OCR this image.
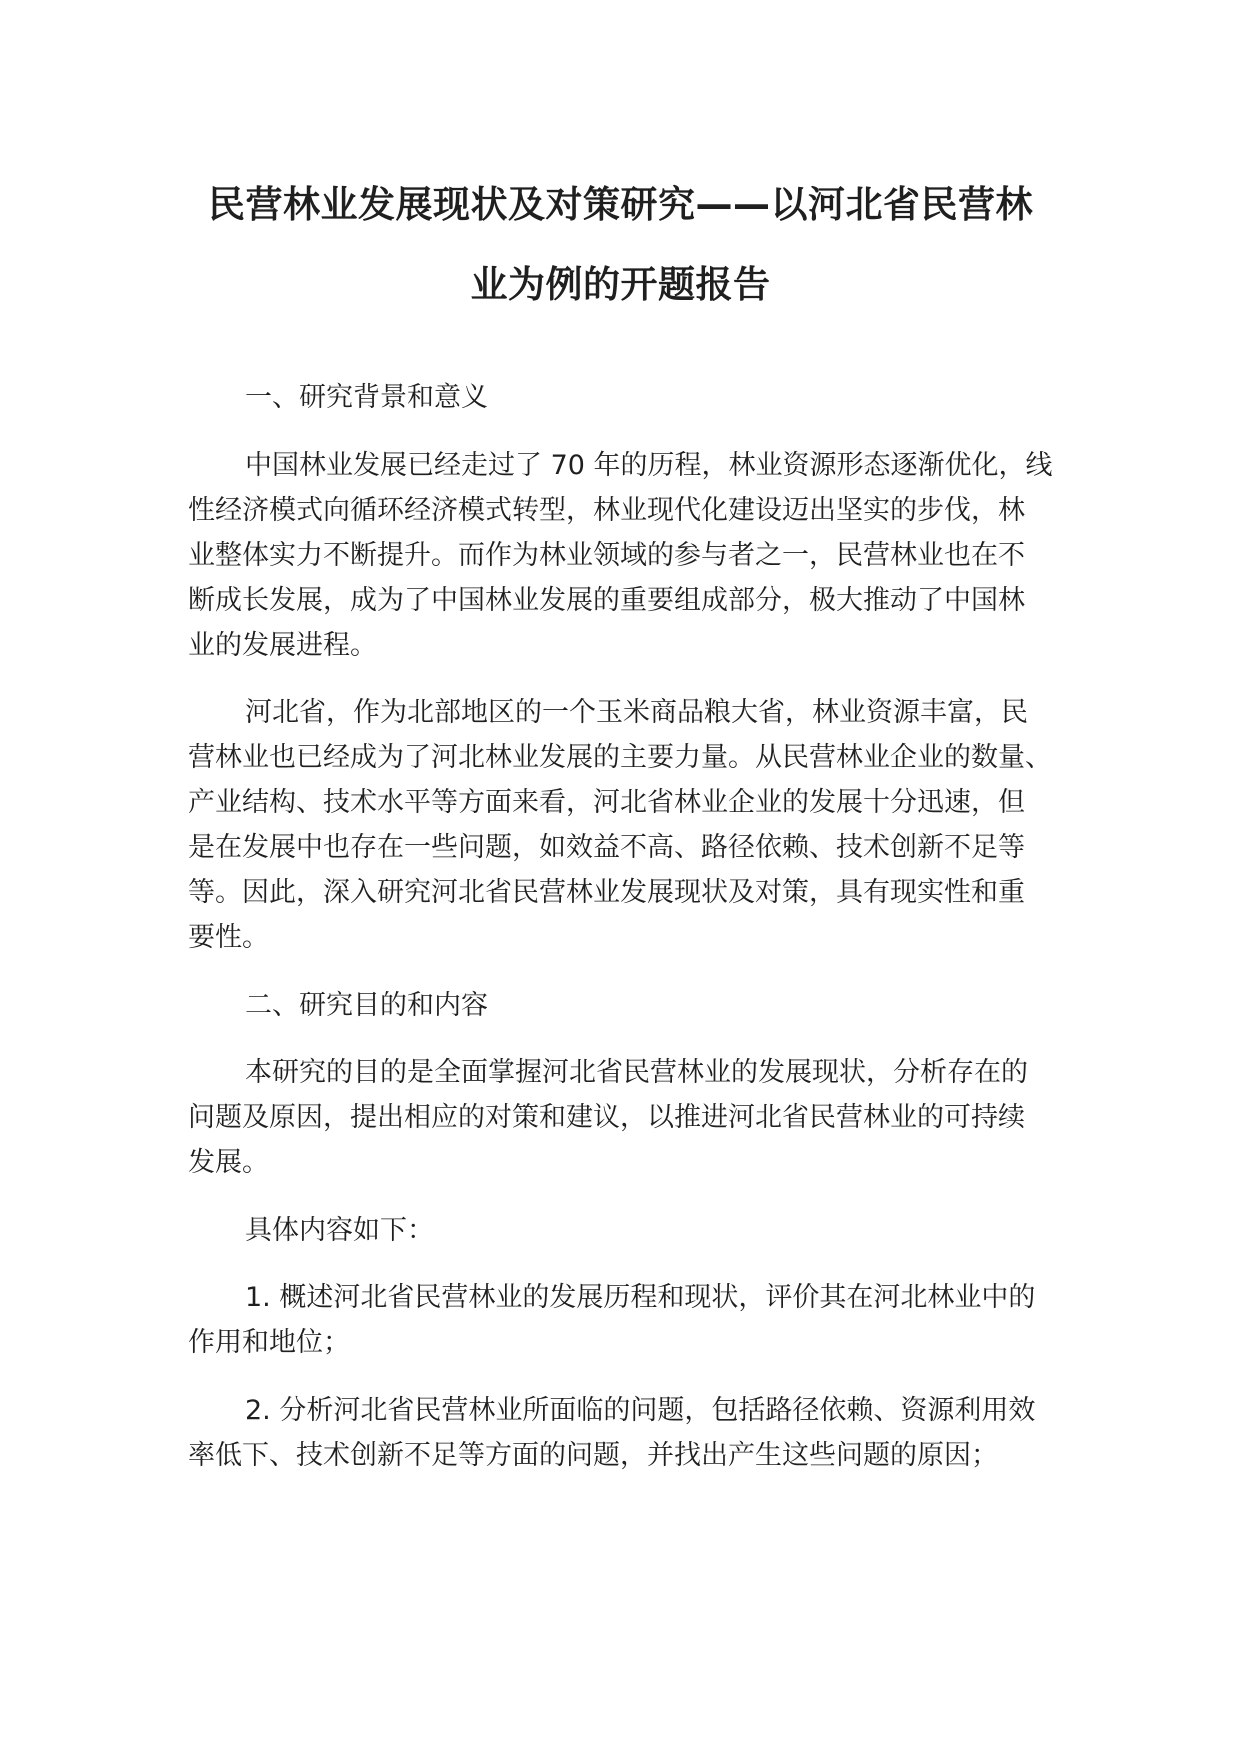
民营林业发展现状及对策研究——以河北省民营林
业为例的开题报告
一、研究背景和意义
中国林业发展已经走过了 70 年的历程，林业资源形态逐渐优化，线
性经济模式向循环经济模式转型，林业现代化建设迈出坚实的步伐，林
业整体实力不断提升。而作为林业领域的参与者之一，民营林业也在不
断成长发展，成为了中国林业发展的重要组成部分，极大推动了中国林
业的发展进程。
河北省，作为北部地区的一个玉米商品粮大省，林业资源丰富，民
营林业也已经成为了河北林业发展的主要力量。从民营林业企业的数量、
产业结构、技术水平等方面来看，河北省林业企业的发展十分迅速，但
是在发展中也存在一些问题，如效益不高、路径依赖、技术创新不足等
等。因此，深入研究河北省民营林业发展现状及对策，具有现实性和重
要性。
二、研究目的和内容
本研究的目的是全面掌握河北省民营林业的发展现状，分析存在的
问题及原因，提出相应的对策和建议，以推进河北省民营林业的可持续
发展。
具体内容如下：
1. 概述河北省民营林业的发展历程和现状，评价其在河北林业中的
作用和地位；
2. 分析河北省民营林业所面临的问题，包括路径依赖、资源利用效
率低下、技术创新不足等方面的问题，并找出产生这些问题的原因；
